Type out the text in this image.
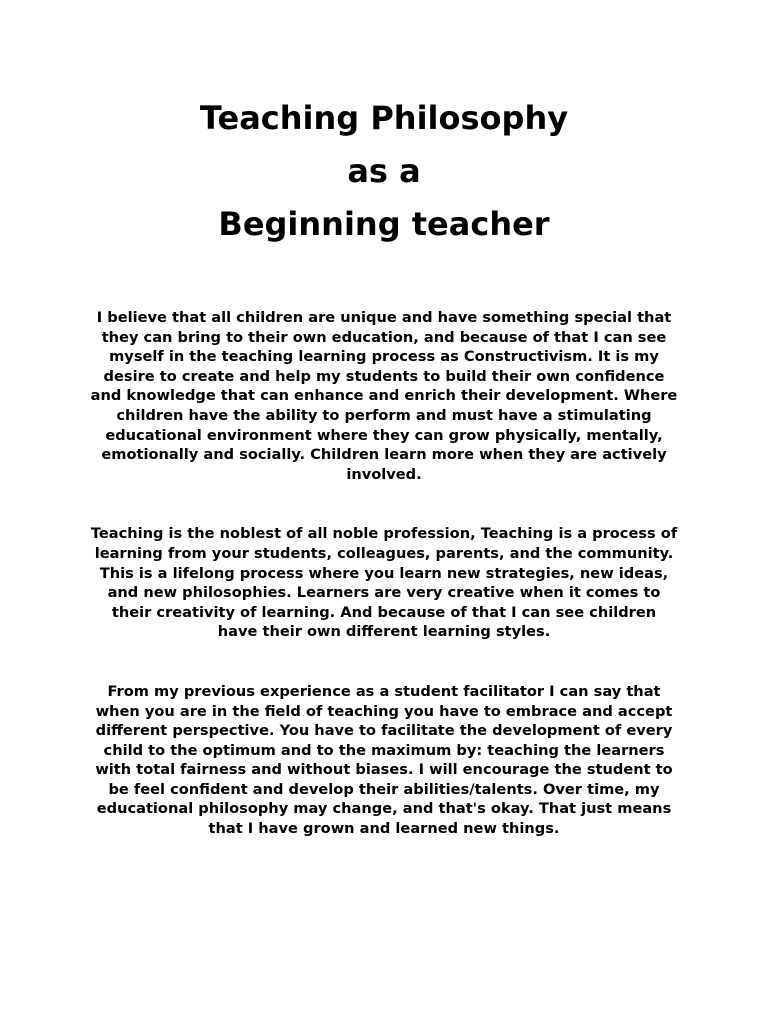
Teaching Philosophy
as a
Beginning teacher

I believe that all children are unique and have something special that they can bring to their own education, and because of that I can see myself in the teaching learning process as Constructivism. It is my desire to create and help my students to build their own confidence and knowledge that can enhance and enrich their development. Where children have the ability to perform and must have a stimulating educational environment where they can grow physically, mentally, emotionally and socially. Children learn more when they are actively involved.

Teaching is the noblest of all noble profession, Teaching is a process of learning from your students, colleagues, parents, and the community. This is a lifelong process where you learn new strategies, new ideas, and new philosophies. Learners are very creative when it comes to their creativity of learning. And because of that I can see children have their own different learning styles.

From my previous experience as a student facilitator I can say that when you are in the field of teaching you have to embrace and accept different perspective. You have to facilitate the development of every child to the optimum and to the maximum by: teaching the learners with total fairness and without biases. I will encourage the student to be feel confident and develop their abilities/talents. Over time, my educational philosophy may change, and that's okay. That just means that I have grown and learned new things.
